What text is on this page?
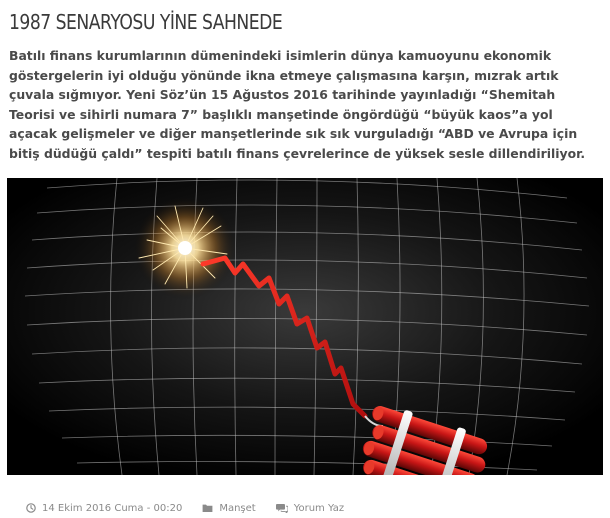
1987 SENARYOSU YİNE SAHNEDE

Batılı finans kurumlarının dümenindeki isimlerin dünya kamuoyunu ekonomik göstergelerin iyi olduğu yönünde ikna etmeye çalışmasına karşın, mızrak artık çuvala sığmıyor. Yeni Söz’ün 15 Ağustos 2016 tarihinde yayınladığı “Shemitah Teorisi ve sihirli numara 7” başlıklı manşetinde öngördüğü “büyük kaos”a yol açacak gelişmeler ve diğer manşetlerinde sık sık vurguladığı “ABD ve Avrupa için bitiş düdüğü çaldı” tespiti batılı finans çevrelerince de yüksek sesle dillendiriliyor.

14 Ekim 2016 Cuma - 00:20	Manşet	Yorum Yaz
